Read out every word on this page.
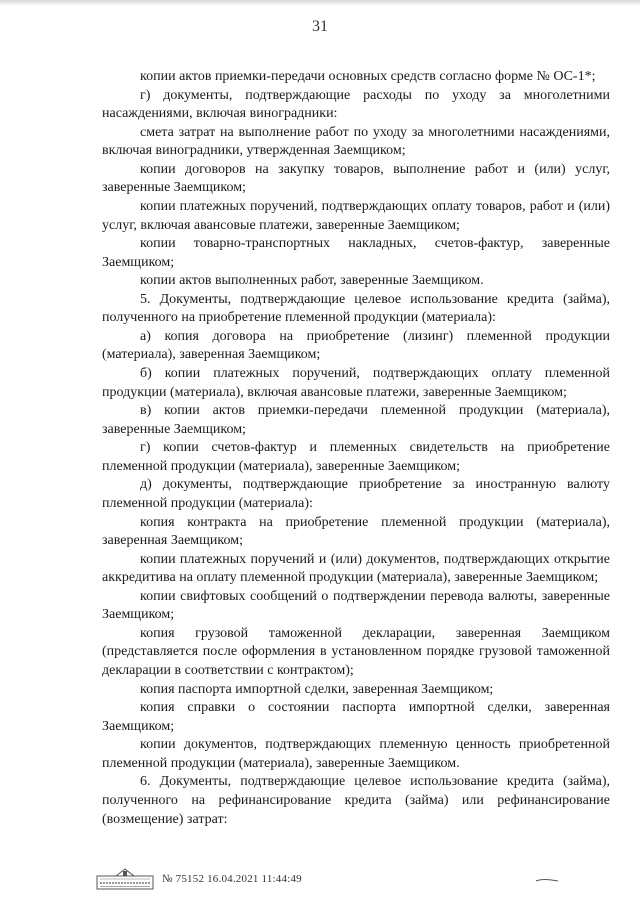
31

копии актов приемки-передачи основных средств согласно форме № ОС-1*;

г) документы, подтверждающие расходы по уходу за многолетними насаждениями, включая виноградники:

смета затрат на выполнение работ по уходу за многолетними насаждениями, включая виноградники, утвержденная Заемщиком;

копии договоров на закупку товаров, выполнение работ и (или) услуг, заверенные Заемщиком;

копии платежных поручений, подтверждающих оплату товаров, работ и (или) услуг, включая авансовые платежи, заверенные Заемщиком;

копии товарно-транспортных накладных, счетов-фактур, заверенные Заемщиком;

копии актов выполненных работ, заверенные Заемщиком.

5. Документы, подтверждающие целевое использование кредита (займа), полученного на приобретение племенной продукции (материала):

а) копия договора на приобретение (лизинг) племенной продукции (материала), заверенная Заемщиком;

б) копии платежных поручений, подтверждающих оплату племенной продукции (материала), включая авансовые платежи, заверенные Заемщиком;

в) копии актов приемки-передачи племенной продукции (материала), заверенные Заемщиком;

г) копии счетов-фактур и племенных свидетельств на приобретение племенной продукции (материала), заверенные Заемщиком;

д) документы, подтверждающие приобретение за иностранную валюту племенной продукции (материала):

копия контракта на приобретение племенной продукции (материала), заверенная Заемщиком;

копии платежных поручений и (или) документов, подтверждающих открытие аккредитива на оплату племенной продукции (материала), заверенные Заемщиком;

копии свифтовых сообщений о подтверждении перевода валюты, заверенные Заемщиком;

копия грузовой таможенной декларации, заверенная Заемщиком (представляется после оформления в установленном порядке грузовой таможенной декларации в соответствии с контрактом);

копия паспорта импортной сделки, заверенная Заемщиком;

копия справки о состоянии паспорта импортной сделки, заверенная Заемщиком;

копии документов, подтверждающих племенную ценность приобретенной племенной продукции (материала), заверенные Заемщиком.

6. Документы, подтверждающие целевое использование кредита (займа), полученного на рефинансирование кредита (займа) или рефинансирование (возмещение) затрат:

№ 75152 16.04.2021 11:44:49
